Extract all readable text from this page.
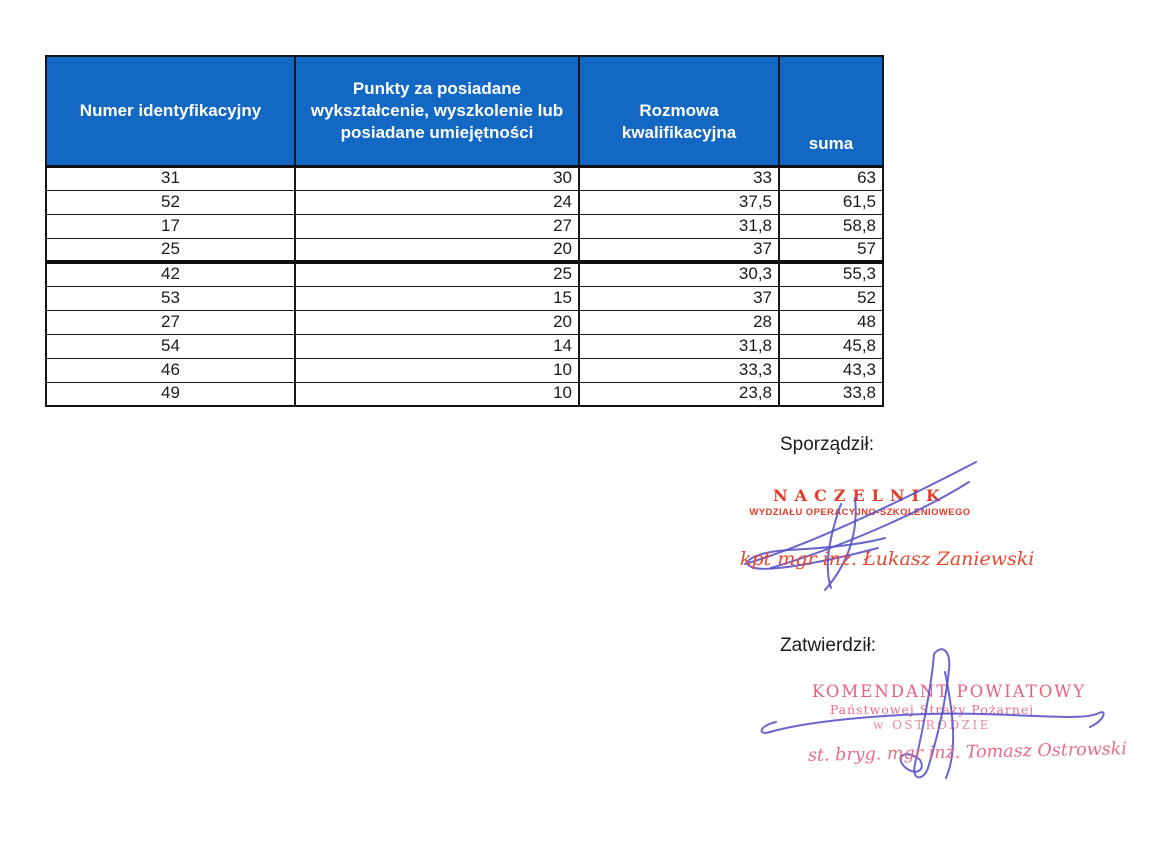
Numer identyfikacyjny	Punkty za posiadane wykształcenie, wyszkolenie lub posiadane umiejętności	Rozmowa kwalifikacyjna	suma
31	30	33	63
52	24	37,5	61,5
17	27	31,8	58,8
25	20	37	57
42	25	30,3	55,3
53	15	37	52
27	20	28	48
54	14	31,8	45,8
46	10	33,3	43,3
49	10	23,8	33,8
Sporządził:
NACZELNIK
WYDZIAŁU OPERACYJNO-SZKOLENIOWEGO
kpt mgr inż. Łukasz Zaniewski
Zatwierdził:
KOMENDANT POWIATOWY
Państwowej Straży Pożarnej
w OSTRÓDZIE
st. bryg. mgr inż. Tomasz Ostrowski
